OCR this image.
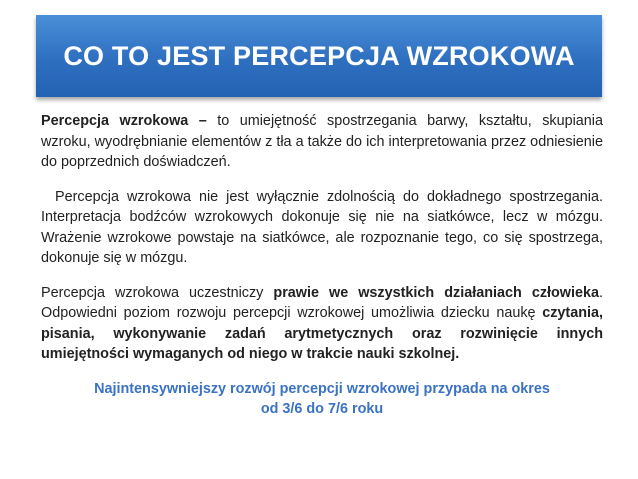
CO TO JEST PERCEPCJA WZROKOWA

Percepcja wzrokowa – to umiejętność spostrzegania barwy, kształtu, skupiania wzroku, wyodrębnianie elementów z tła a także do ich interpretowania przez odniesienie do poprzednich doświadczeń.

Percepcja wzrokowa nie jest wyłącznie zdolnością do dokładnego spostrzegania. Interpretacja bodźców wzrokowych dokonuje się nie na siatkówce, lecz w mózgu. Wrażenie wzrokowe powstaje na siatkówce, ale rozpoznanie tego, co się spostrzega, dokonuje się w mózgu.

Percepcja wzrokowa uczestniczy prawie we wszystkich działaniach człowieka. Odpowiedni poziom rozwoju percepcji wzrokowej umożliwia dziecku naukę czytania, pisania, wykonywanie zadań arytmetycznych oraz rozwinięcie innych umiejętności wymaganych od niego w trakcie nauki szkolnej.

Najintensywniejszy rozwój percepcji wzrokowej przypada na okres
od 3/6 do 7/6 roku
